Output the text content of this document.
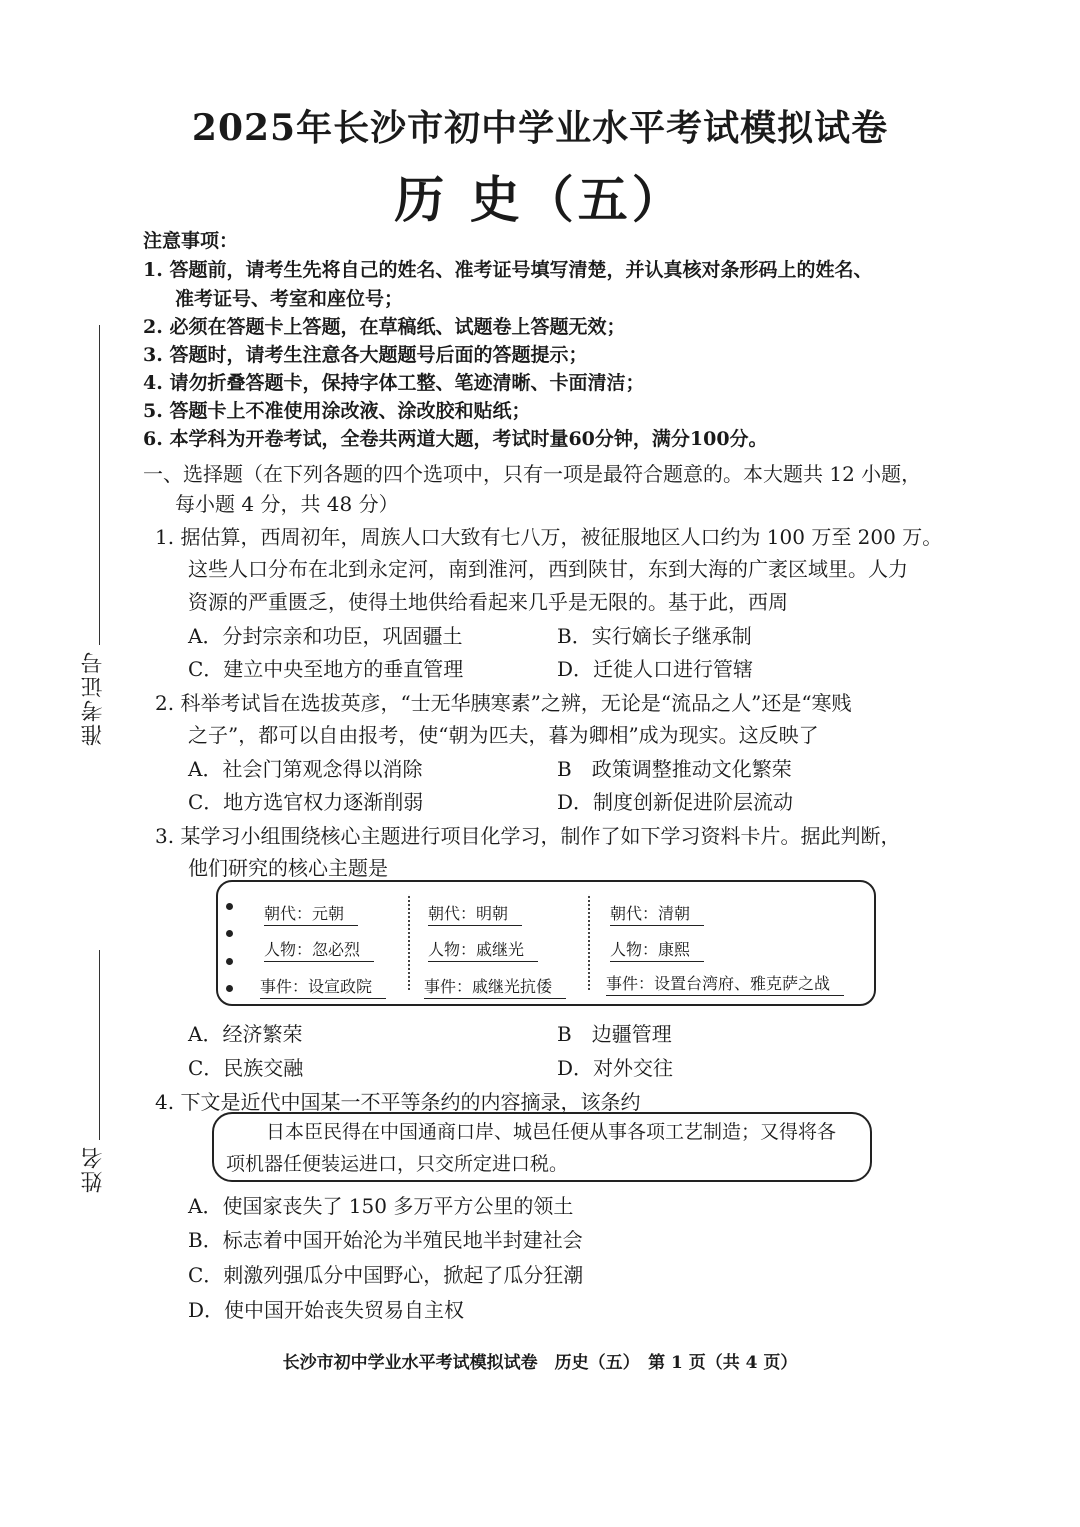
2025年长沙市初中学业水平考试模拟试卷
历 史（五）
准考证号
姓名
注意事项：
1. 答题前，请考生先将自己的姓名、准考证号填写清楚，并认真核对条形码上的姓名、
准考证号、考室和座位号；
2. 必须在答题卡上答题，在草稿纸、试题卷上答题无效；
3. 答题时，请考生注意各大题题号后面的答题提示；
4. 请勿折叠答题卡，保持字体工整、笔迹清晰、卡面清洁；
5. 答题卡上不准使用涂改液、涂改胶和贴纸；
6. 本学科为开卷考试，全卷共两道大题，考试时量60分钟，满分100分。
一、选择题（在下列各题的四个选项中，只有一项是最符合题意的。本大题共 12 小题，
每小题 4 分，共 48 分）
1. 据估算，西周初年，周族人口大致有七八万，被征服地区人口约为 100 万至 200 万。
这些人口分布在北到永定河，南到淮河，西到陕甘，东到大海的广袤区域里。人力
资源的严重匮乏，使得土地供给看起来几乎是无限的。基于此，西周
A．分封宗亲和功臣，巩固疆土	B．实行嫡长子继承制
C．建立中央至地方的垂直管理	D．迁徙人口进行管辖
2. 科举考试旨在选拔英彦，“士无华胰寒素”之辨，无论是“流品之人”还是“寒贱
之子”，都可以自由报考，使“朝为匹夫，暮为卿相”成为现实。这反映了
A．社会门第观念得以消除	B　政策调整推动文化繁荣
C．地方选官权力逐渐削弱	D．制度创新促进阶层流动
3. 某学习小组围绕核心主题进行项目化学习，制作了如下学习资料卡片。据此判断，
他们研究的核心主题是
朝代：元朝
人物：忽必烈
事件：设宣政院
朝代：明朝
人物：戚继光
事件：戚继光抗倭
朝代：清朝
人物：康熙
事件：设置台湾府、雅克萨之战
A．经济繁荣	B　边疆管理
C．民族交融	D．对外交往
4. 下文是近代中国某一不平等条约的内容摘录，该条约
日本臣民得在中国通商口岸、城邑任便从事各项工艺制造；又得将各
项机器任便装运进口，只交所定进口税。
A．使国家丧失了 150 多万平方公里的领土
B．标志着中国开始沦为半殖民地半封建社会
C．刺激列强瓜分中国野心，掀起了瓜分狂潮
D．使中国开始丧失贸易自主权
长沙市初中学业水平考试模拟试卷　历史（五）　第 1 页（共 4 页）
